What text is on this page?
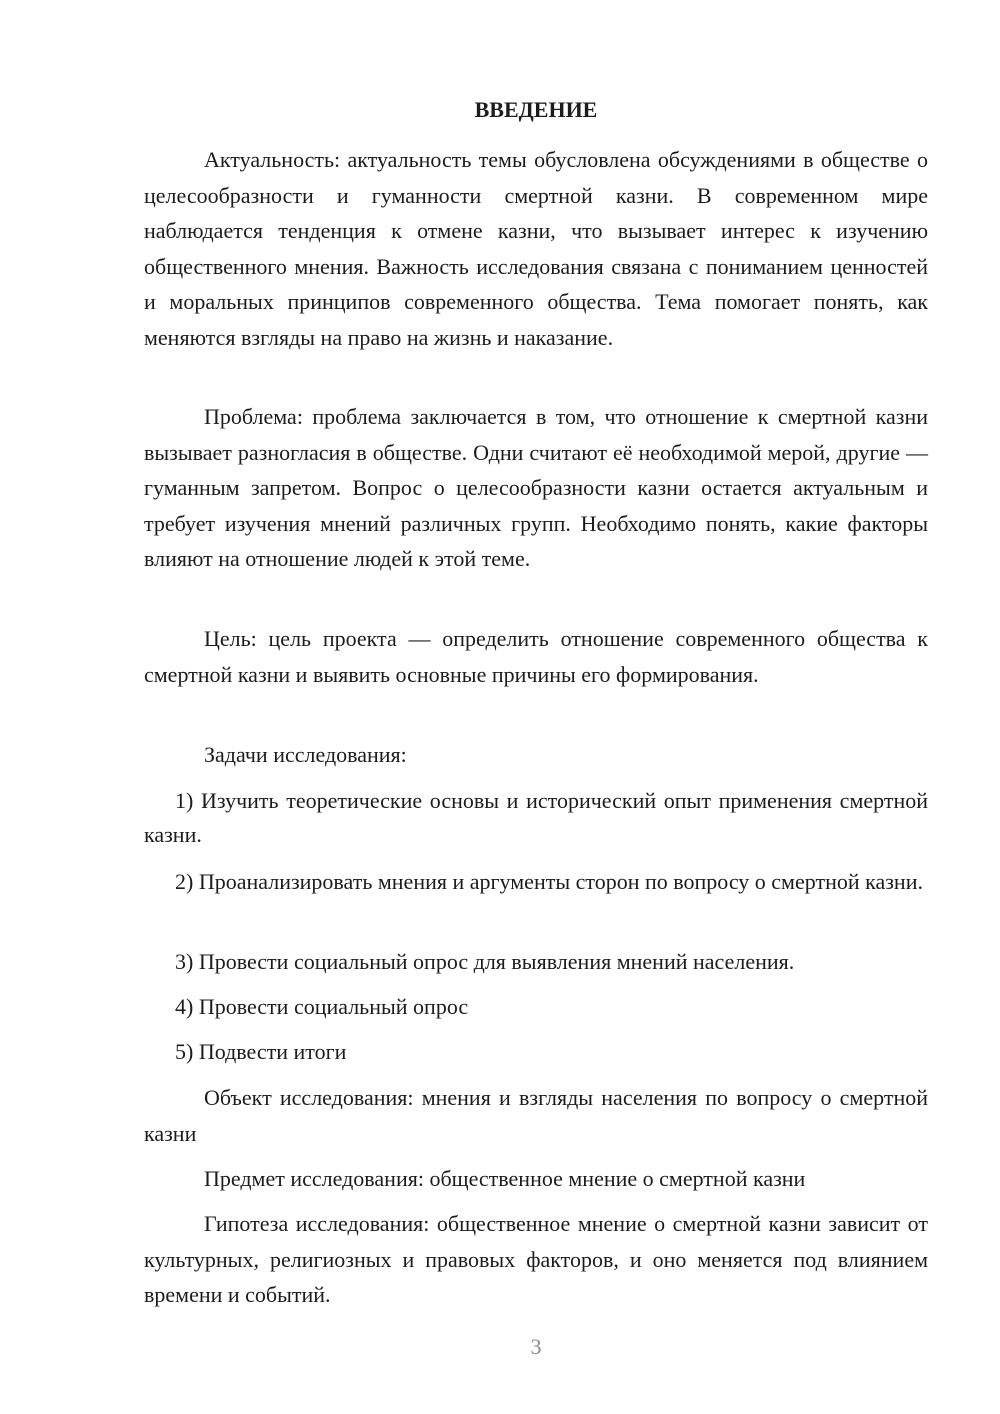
ВВЕДЕНИЕ

Актуальность: актуальность темы обусловлена обсуждениями в обществе о целесообразности и гуманности смертной казни. В современном мире наблюдается тенденция к отмене казни, что вызывает интерес к изучению общественного мнения. Важность исследования связана с пониманием ценностей и моральных принципов современного общества. Тема помогает понять, как меняются взгляды на право на жизнь и наказание.

Проблема: проблема заключается в том, что отношение к смертной казни вызывает разногласия в обществе. Одни считают её необходимой мерой, другие — гуманным запретом. Вопрос о целесообразности казни остается актуальным и требует изучения мнений различных групп. Необходимо понять, какие факторы влияют на отношение людей к этой теме.

Цель: цель проекта — определить отношение современного общества к смертной казни и выявить основные причины его формирования.

Задачи исследования:

1) Изучить теоретические основы и исторический опыт применения смертной казни.

2) Проанализировать мнения и аргументы сторон по вопросу о смертной казни.

3) Провести социальный опрос для выявления мнений населения.

4) Провести социальный опрос

5) Подвести итоги

Объект исследования: мнения и взгляды населения по вопросу о смертной казни

Предмет исследования: общественное мнение о смертной казни

Гипотеза исследования: общественное мнение о смертной казни зависит от культурных, религиозных и правовых факторов, и оно меняется под влиянием времени и событий.

3
